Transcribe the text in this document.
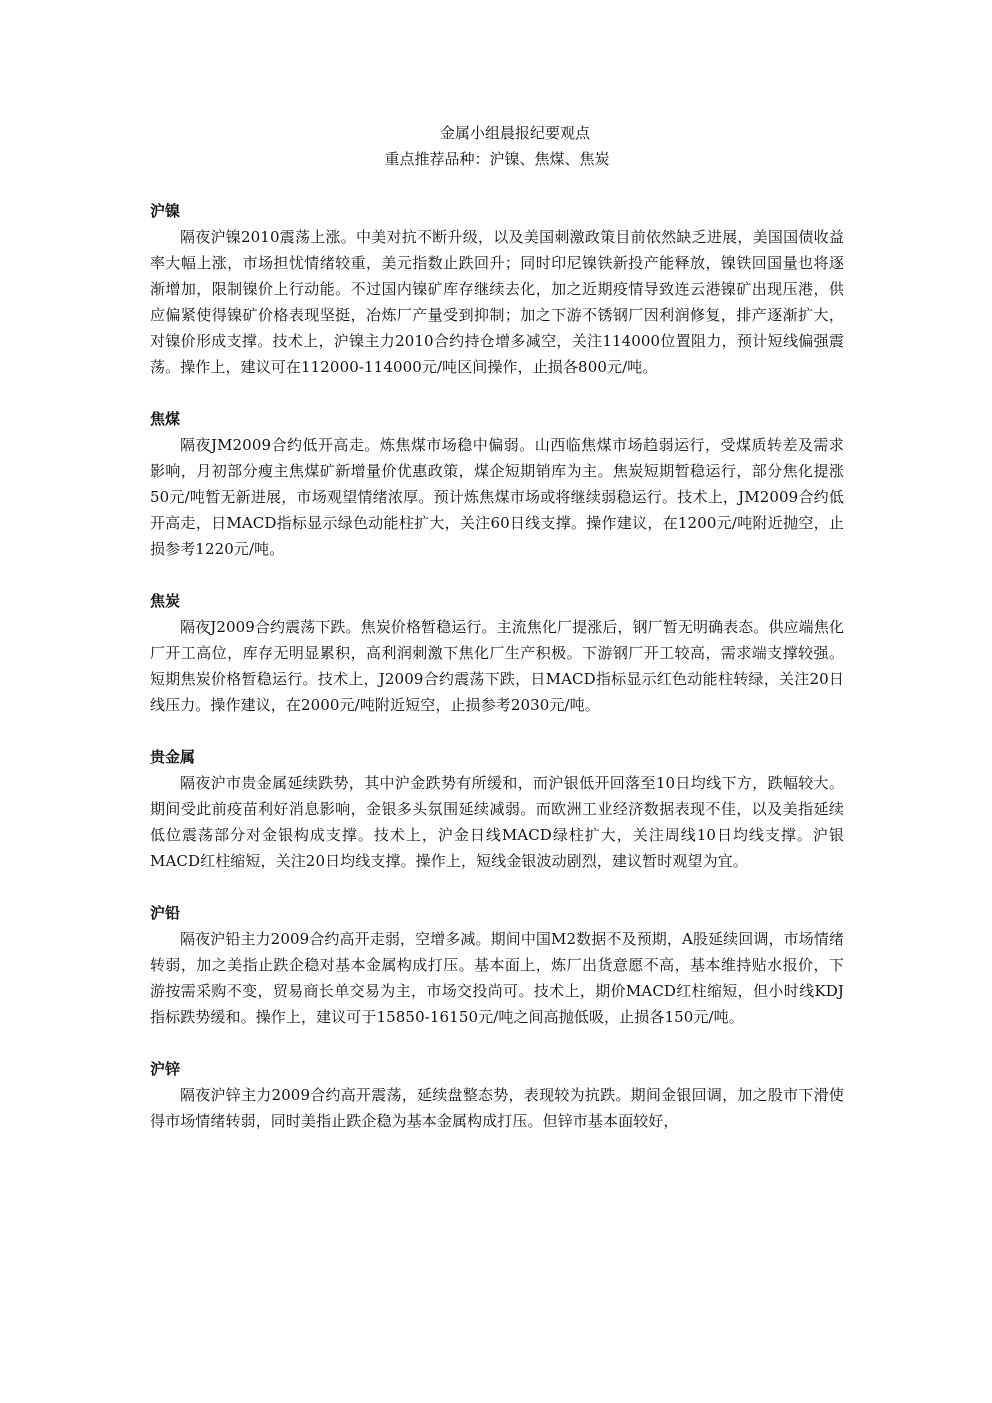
金属小组晨报纪要观点
重点推荐品种：沪镍、焦煤、焦炭

沪镍

隔夜沪镍2010震荡上涨。中美对抗不断升级，以及美国刺激政策目前依然缺乏进展，美国国债收益率大幅上涨，市场担忧情绪较重，美元指数止跌回升；同时印尼镍铁新投产能释放，镍铁回国量也将逐渐增加，限制镍价上行动能。不过国内镍矿库存继续去化，加之近期疫情导致连云港镍矿出现压港，供应偏紧使得镍矿价格表现坚挺，冶炼厂产量受到抑制；加之下游不锈钢厂因利润修复，排产逐渐扩大，对镍价形成支撑。技术上，沪镍主力2010合约持仓增多减空，关注114000位置阻力，预计短线偏强震荡。操作上，建议可在112000-114000元/吨区间操作，止损各800元/吨。

焦煤

隔夜JM2009合约低开高走。炼焦煤市场稳中偏弱。山西临焦煤市场趋弱运行，受煤质转差及需求影响，月初部分瘦主焦煤矿新增量价优惠政策，煤企短期销库为主。焦炭短期暂稳运行，部分焦化提涨50元/吨暂无新进展，市场观望情绪浓厚。预计炼焦煤市场或将继续弱稳运行。技术上，JM2009合约低开高走，日MACD指标显示绿色动能柱扩大，关注60日线支撑。操作建议，在1200元/吨附近抛空，止损参考1220元/吨。

焦炭

隔夜J2009合约震荡下跌。焦炭价格暂稳运行。主流焦化厂提涨后，钢厂暂无明确表态。供应端焦化厂开工高位，库存无明显累积，高利润刺激下焦化厂生产积极。下游钢厂开工较高，需求端支撑较强。短期焦炭价格暂稳运行。技术上，J2009合约震荡下跌，日MACD指标显示红色动能柱转绿，关注20日线压力。操作建议，在2000元/吨附近短空，止损参考2030元/吨。

贵金属

隔夜沪市贵金属延续跌势，其中沪金跌势有所缓和，而沪银低开回落至10日均线下方，跌幅较大。期间受此前疫苗利好消息影响，金银多头氛围延续减弱。而欧洲工业经济数据表现不佳，以及美指延续低位震荡部分对金银构成支撑。技术上，沪金日线MACD绿柱扩大，关注周线10日均线支撑。沪银MACD红柱缩短，关注20日均线支撑。操作上，短线金银波动剧烈，建议暂时观望为宜。

沪铅

隔夜沪铅主力2009合约高开走弱，空增多减。期间中国M2数据不及预期，A股延续回调，市场情绪转弱，加之美指止跌企稳对基本金属构成打压。基本面上，炼厂出货意愿不高，基本维持贴水报价，下游按需采购不变，贸易商长单交易为主，市场交投尚可。技术上，期价MACD红柱缩短，但小时线KDJ指标跌势缓和。操作上，建议可于15850-16150元/吨之间高抛低吸，止损各150元/吨。

沪锌

隔夜沪锌主力2009合约高开震荡，延续盘整态势，表现较为抗跌。期间金银回调，加之股市下滑使得市场情绪转弱，同时美指止跌企稳为基本金属构成打压。但锌市基本面较好，
